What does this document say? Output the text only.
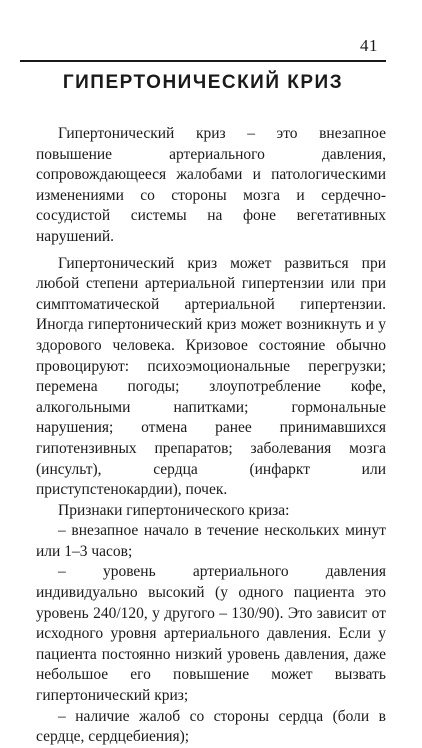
41
ГИПЕРТОНИЧЕСКИЙ КРИЗ

Гипертонический криз – это внезапное повышение артериального давления, сопровождающееся жалобами и патологическими изменениями со стороны мозга и сердечно-сосудистой системы на фоне вегетативных нарушений.

Гипертонический криз может развиться при любой степени артериальной гипертензии или при симптоматической артериальной гипертензии. Иногда гипертонический криз может возникнуть и у здорового человека. Кризовое состояние обычно провоцируют: психоэмоциональные перегрузки; перемена погоды; злоупотребление кофе, алкогольными напитками; гормональные нарушения; отмена ранее принимавшихся гипотензивных препаратов; заболевания мозга (инсульт), сердца (инфаркт или приступстенокардии), почек.

Признаки гипертонического криза:

– внезапное начало в течение нескольких минут или 1–3 часов;

– уровень артериального давления индивидуально высокий (у одного пациента это уровень 240/120, у другого – 130/90). Это зависит от исходного уровня артериального давления. Если у пациента постоянно низкий уровень давления, даже небольшое его повышение может вызвать гипертонический криз;

– наличие жалоб со стороны сердца (боли в сердце, сердцебиения);
